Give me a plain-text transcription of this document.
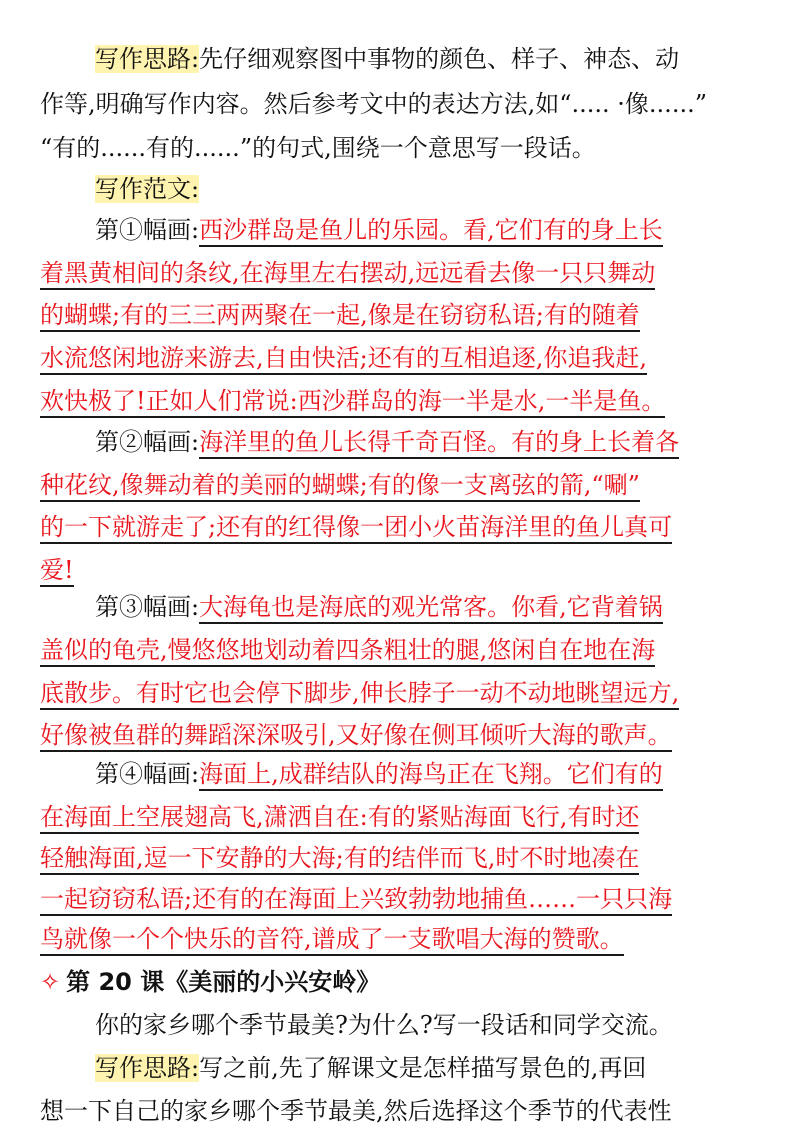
写作思路:先仔细观察图中事物的颜色、样子、神态、动
作等,明确写作内容。然后参考文中的表达方法,如“..... ·像......”
“有的......有的......”的句式,围绕一个意思写一段话。
写作范文:
第①幅画:西沙群岛是鱼儿的乐园。看,它们有的身上长
着黑黄相间的条纹,在海里左右摆动,远远看去像一只只舞动
的蝴蝶;有的三三两两聚在一起,像是在窃窃私语;有的随着
水流悠闲地游来游去,自由快活;还有的互相追逐,你追我赶,
欢快极了!正如人们常说:西沙群岛的海一半是水,一半是鱼。
第②幅画:海洋里的鱼儿长得千奇百怪。有的身上长着各
种花纹,像舞动着的美丽的蝴蝶;有的像一支离弦的箭,“唰”
的一下就游走了;还有的红得像一团小火苗海洋里的鱼儿真可
爱!
第③幅画:大海龟也是海底的观光常客。你看,它背着锅
盖似的龟壳,慢悠悠地划动着四条粗壮的腿,悠闲自在地在海
底散步。有时它也会停下脚步,伸长脖子一动不动地眺望远方,
好像被鱼群的舞蹈深深吸引,又好像在侧耳倾听大海的歌声。
第④幅画:海面上,成群结队的海鸟正在飞翔。它们有的
在海面上空展翅高飞,潇洒自在:有的紧贴海面飞行,有时还
轻触海面,逗一下安静的大海;有的结伴而飞,时不时地凑在
一起窃窃私语;还有的在海面上兴致勃勃地捕鱼……一只只海
鸟就像一个个快乐的音符,谱成了一支歌唱大海的赞歌。
✧ 第 20 课《美丽的小兴安岭》
你的家乡哪个季节最美?为什么?写一段话和同学交流。
写作思路:写之前,先了解课文是怎样描写景色的,再回
想一下自己的家乡哪个季节最美,然后选择这个季节的代表性
